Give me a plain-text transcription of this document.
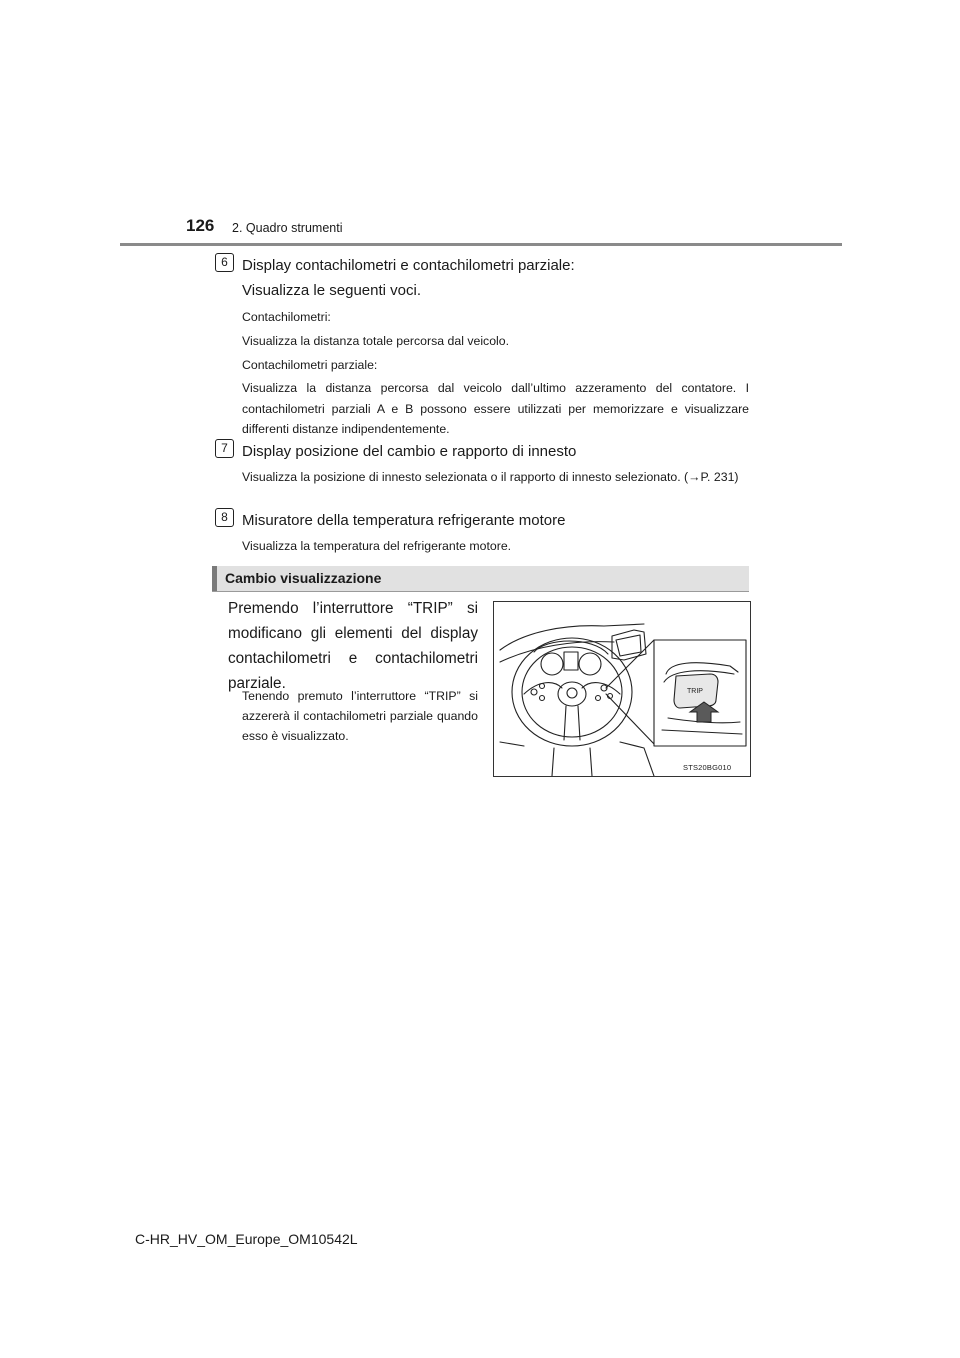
126 2. Quadro strumenti
6 Display contachilometri e contachilometri parziale:
Visualizza le seguenti voci.
Contachilometri:
Visualizza la distanza totale percorsa dal veicolo.
Contachilometri parziale:
Visualizza la distanza percorsa dal veicolo dall’ultimo azzeramento del contatore. I contachilometri parziali A e B possono essere utilizzati per memorizzare e visualizzare differenti distanze indipendentemente.
7 Display posizione del cambio e rapporto di innesto
Visualizza la posizione di innesto selezionata o il rapporto di innesto selezionato. (→P. 231)
8 Misuratore della temperatura refrigerante motore
Visualizza la temperatura del refrigerante motore.
Cambio visualizzazione
Premendo l’interruttore “TRIP” si modificano gli elementi del display contachilometri e contachilometri parziale.
Tenendo premuto l’interruttore “TRIP” si azzererà il contachilometri parziale quando esso è visualizzato.
TRIP
STS20BG010
C-HR_HV_OM_Europe_OM10542L
